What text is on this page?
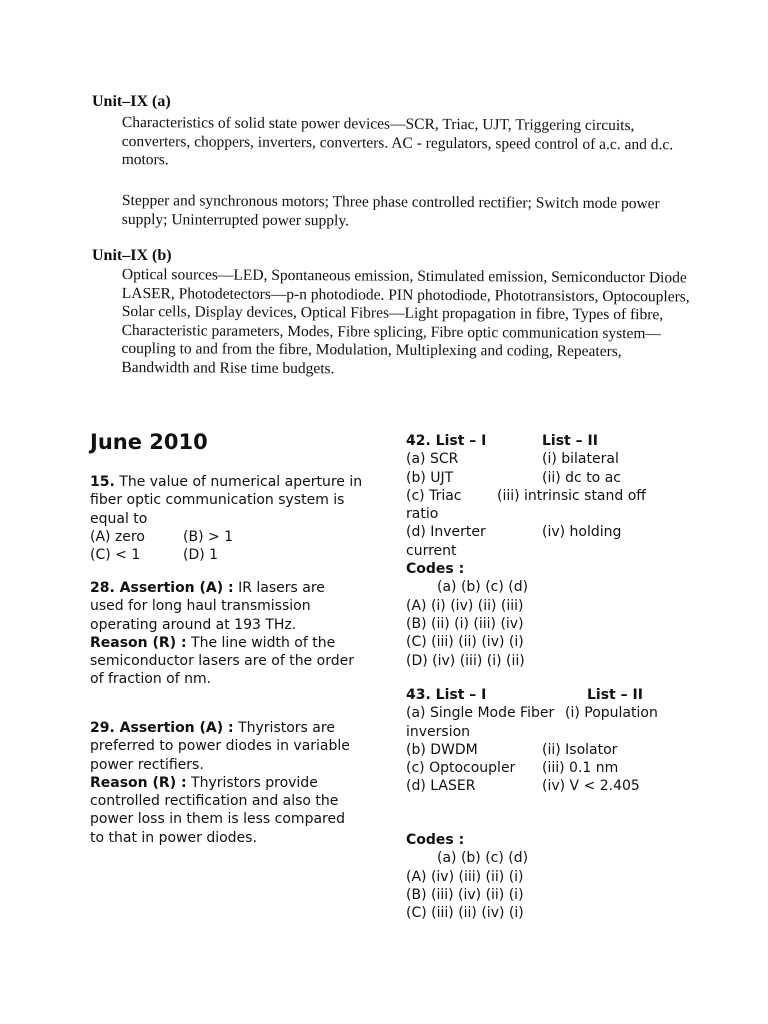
Unit–IX (a)
Characteristics of solid state power devices—SCR, Triac, UJT, Triggering circuits, converters, choppers, inverters, converters. AC - regulators, speed control of a.c. and d.c. motors.
Stepper and synchronous motors; Three phase controlled rectifier; Switch mode power supply; Uninterrupted power supply.
Unit–IX (b)
Optical sources—LED, Spontaneous emission, Stimulated emission, Semiconductor Diode LASER, Photodetectors—p-n photodiode. PIN photodiode, Phototransistors, Optocouplers, Solar cells, Display devices, Optical Fibres—Light propagation in fibre, Types of fibre, Characteristic parameters, Modes, Fibre splicing, Fibre optic communication system—coupling to and from the fibre, Modulation, Multiplexing and coding, Repeaters, Bandwidth and Rise time budgets.
June 2010
15. The value of numerical aperture in fiber optic communication system is equal to
(A) zero	(B) > 1
(C) < 1	(D) 1
28. Assertion (A) : IR lasers are used for long haul transmission operating around at 193 THz.
Reason (R) : The line width of the semiconductor lasers are of the order of fraction of nm.
29. Assertion (A) : Thyristors are preferred to power diodes in variable power rectifiers.
Reason (R) : Thyristors provide controlled rectification and also the power loss in them is less compared to that in power diodes.
42. List – I	List – II
(a) SCR	(i) bilateral
(b) UJT	(ii) dc to ac
(c) Triac	(iii) intrinsic stand off
ratio
(d) Inverter	(iv) holding
current
Codes :
(a) (b) (c) (d)
(A) (i) (iv) (ii) (iii)
(B) (ii) (i) (iii) (iv)
(C) (iii) (ii) (iv) (i)
(D) (iv) (iii) (i) (ii)
43. List – I	List – II
(a) Single Mode Fiber (i) Population
inversion
(b) DWDM	(ii) Isolator
(c) Optocoupler (iii) 0.1 nm
(d) LASER	(iv) V < 2.405
Codes :
(a) (b) (c) (d)
(A) (iv) (iii) (ii) (i)
(B) (iii) (iv) (ii) (i)
(C) (iii) (ii) (iv) (i)
